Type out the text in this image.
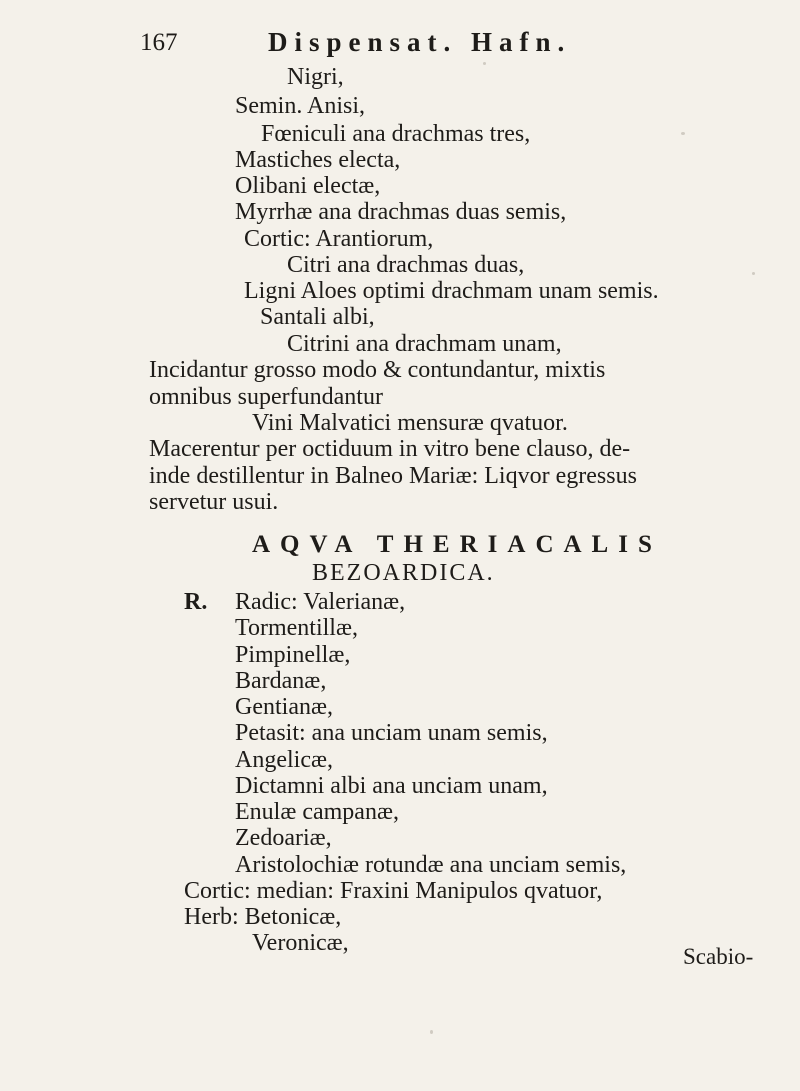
167	Dispensat. Hafn.
Nigri,
Semin. Anisi,
Fœniculi ana drachmas tres,
Mastiches electa,
Olibani electæ,
Myrrhæ ana drachmas duas semis,
Cortic: Arantiorum,
Citri ana drachmas duas,
Ligni Aloes optimi drachmam unam semis.
Santali albi,
Citrini ana drachmam unam,
Incidantur grosso modo & contundantur, mixtis
omnibus superfundantur
Vini Malvatici mensuræ qvatuor.
Macerentur per octiduum in vitro bene clauso, de-
inde destillentur in Balneo Mariæ: Liqvor egressus
servetur usui.
AQVA THERIACALIS
BEZOARDICA.
R. Radic: Valerianæ,
Tormentillæ,
Pimpinellæ,
Bardanæ,
Gentianæ,
Petasit: ana unciam unam semis,
Angelicæ,
Dictamni albi ana unciam unam,
Enulæ campanæ,
Zedoariæ,
Aristolochiæ rotundæ ana unciam semis,
Cortic: median: Fraxini Manipulos qvatuor,
Herb: Betonicæ,
Veronicæ,
Scabio-
